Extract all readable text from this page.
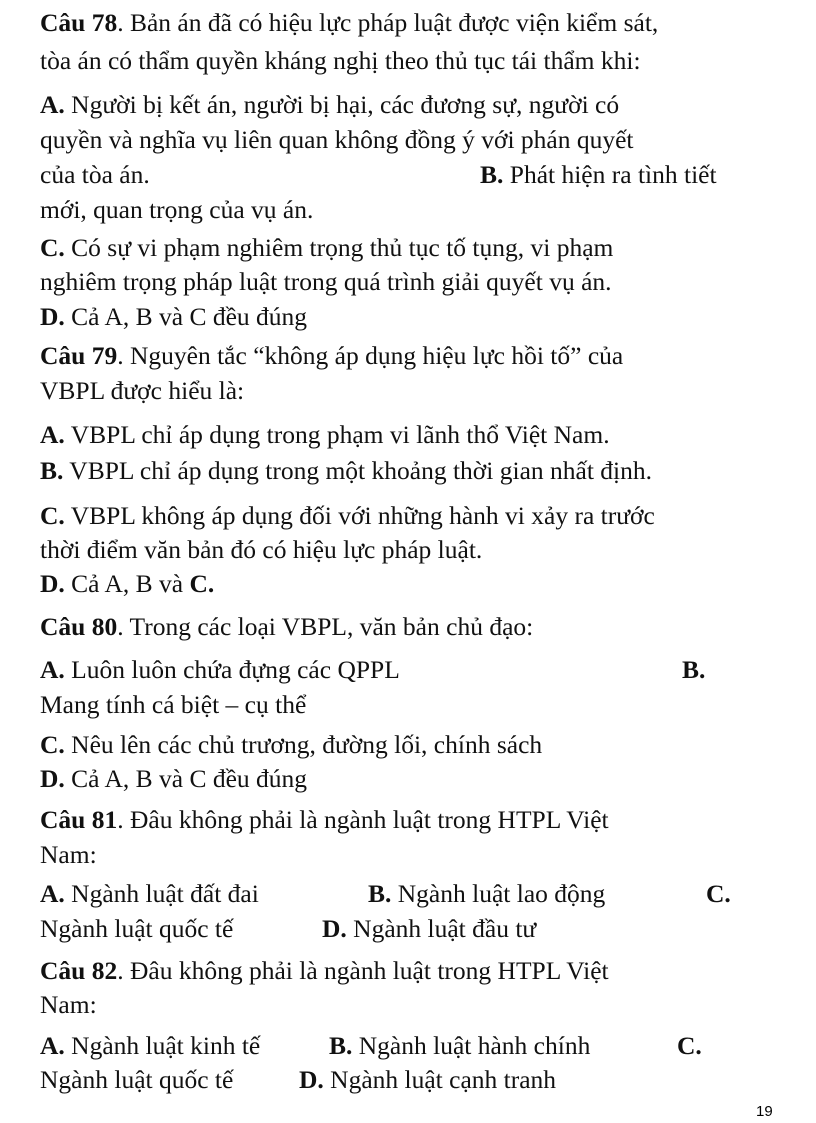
Câu 78. Bản án đã có hiệu lực pháp luật được viện kiểm sát,
tòa án có thẩm quyền kháng nghị theo thủ tục tái thẩm khi:
A. Người bị kết án, người bị hại, các đương sự, người có
quyền và nghĩa vụ liên quan không đồng ý với phán quyết
của tòa án.	B. Phát hiện ra tình tiết
mới, quan trọng của vụ án.
C. Có sự vi phạm nghiêm trọng thủ tục tố tụng, vi phạm
nghiêm trọng pháp luật trong quá trình giải quyết vụ án.
D. Cả A, B và C đều đúng
Câu 79. Nguyên tắc “không áp dụng hiệu lực hồi tố” của
VBPL được hiểu là:
A. VBPL chỉ áp dụng trong phạm vi lãnh thổ Việt Nam.
B. VBPL chỉ áp dụng trong một khoảng thời gian nhất định.
C. VBPL không áp dụng đối với những hành vi xảy ra trước
thời điểm văn bản đó có hiệu lực pháp luật.
D. Cả A, B và C.
Câu 80. Trong các loại VBPL, văn bản chủ đạo:
A. Luôn luôn chứa đựng các QPPL	B.
Mang tính cá biệt – cụ thể
C. Nêu lên các chủ trương, đường lối, chính sách
D. Cả A, B và C đều đúng
Câu 81. Đâu không phải là ngành luật trong HTPL Việt
Nam:
A. Ngành luật đất đai	B. Ngành luật lao động	C.
Ngành luật quốc tế	D. Ngành luật đầu tư
Câu 82. Đâu không phải là ngành luật trong HTPL Việt
Nam:
A. Ngành luật kinh tế	B. Ngành luật hành chính	C.
Ngành luật quốc tế	D. Ngành luật cạnh tranh
19
